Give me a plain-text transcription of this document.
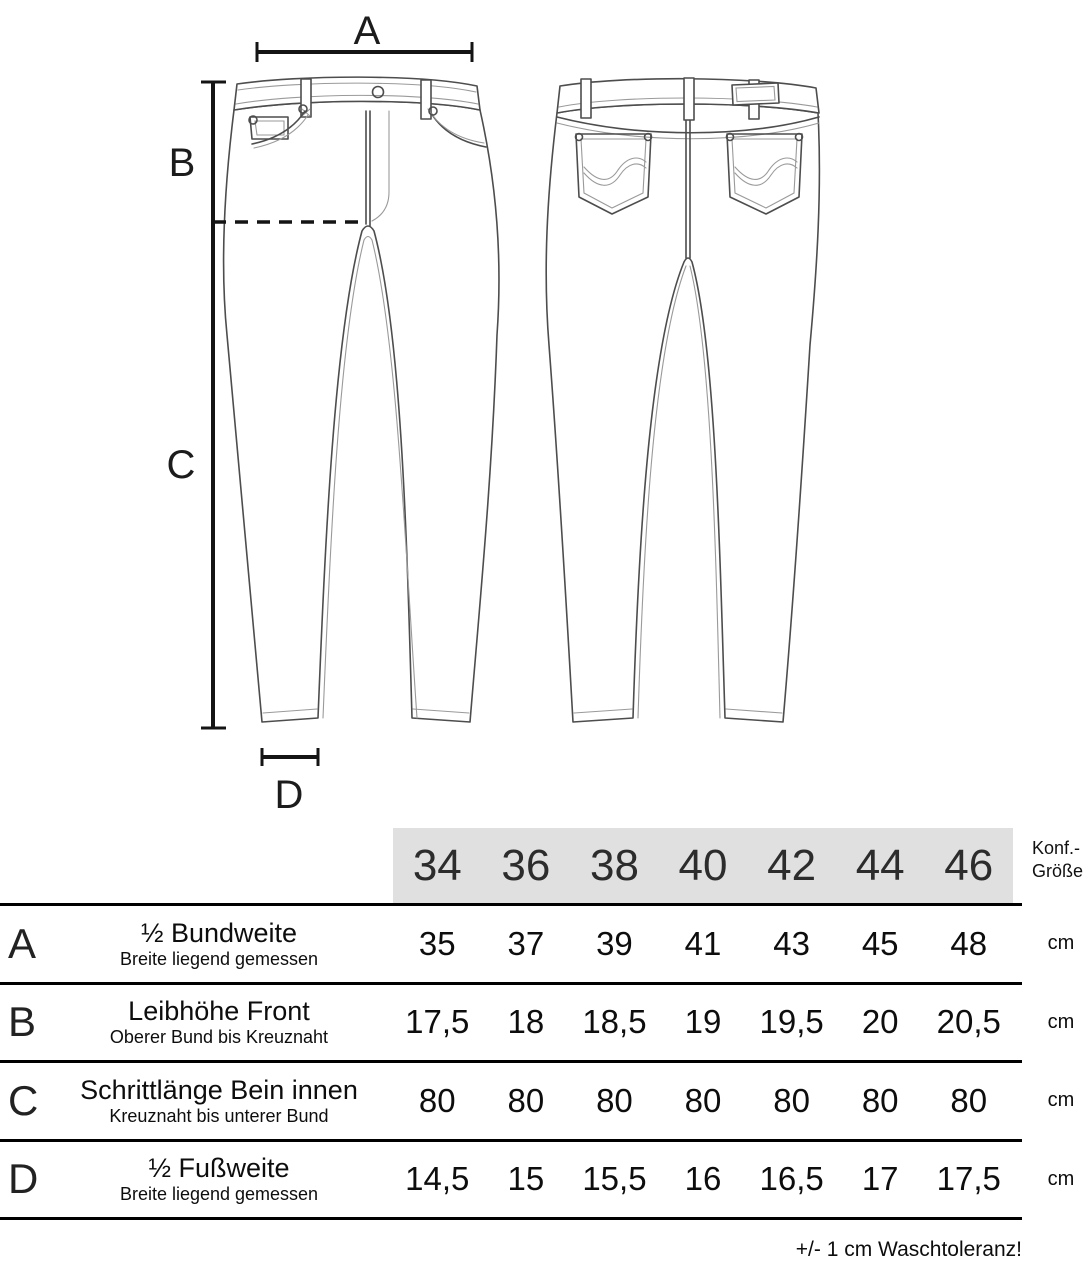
A
B
C
D
34 36 38 40 42 44 46	Konf.-
Größe
A	½ Bundweite
Breite liegend gemessen	35	37	39	41	43	45	48	cm
B	Leibhöhe Front
Oberer Bund bis Kreuznaht	17,5	18	18,5	19	19,5	20	20,5	cm
C Schrittlänge Bein innen
Kreuznaht bis unterer Bund	80	80	80	80	80	80	80	cm
D	½ Fußweite
Breite liegend gemessen	14,5	15	15,5	16	16,5	17	17,5	cm
+/- 1 cm Waschtoleranz!
